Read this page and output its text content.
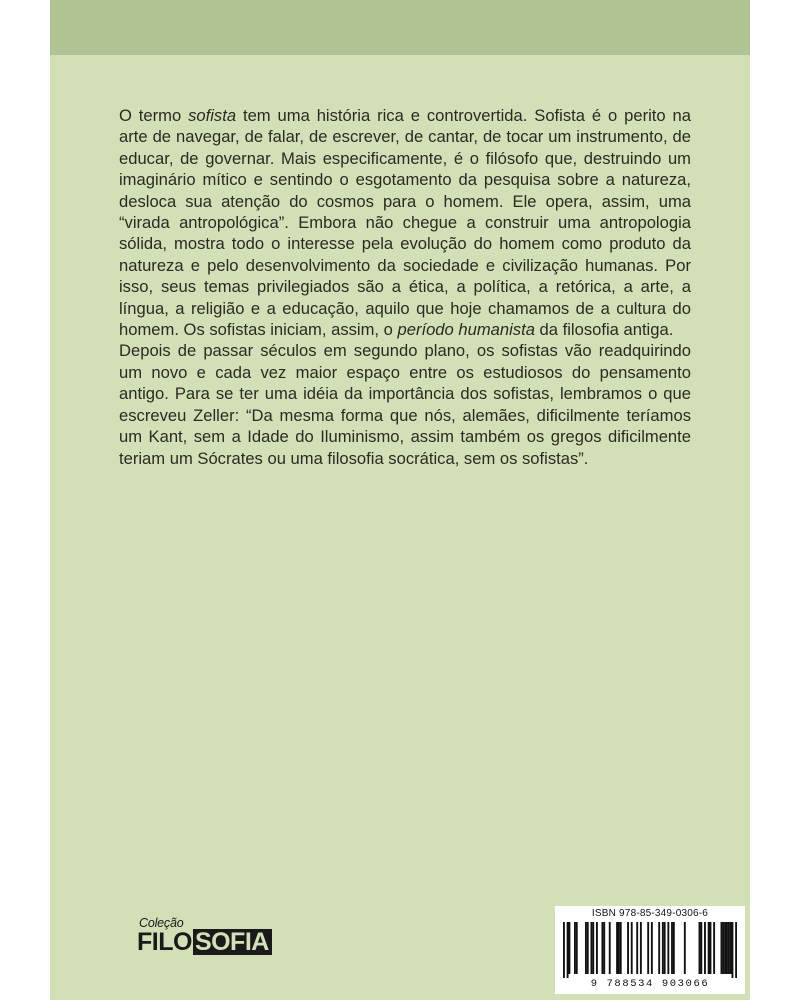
O termo sofista tem uma história rica e controvertida. Sofista é o perito na arte de navegar, de falar, de escrever, de cantar, de tocar um instrumento, de educar, de governar. Mais especificamente, é o filósofo que, destruindo um imaginário mítico e sentindo o esgotamento da pesquisa sobre a natureza, desloca sua atenção do cosmos para o homem. Ele opera, assim, uma “virada antropológica”. Embora não chegue a construir uma antropologia sólida, mostra todo o interesse pela evolução do homem como produto da natureza e pelo desenvolvimento da sociedade e civilização humanas. Por isso, seus temas privilegiados são a ética, a política, a retórica, a arte, a língua, a religião e a educação, aquilo que hoje chamamos de a cultura do homem. Os sofistas iniciam, assim, o período humanista da filosofia antiga.

Depois de passar séculos em segundo plano, os sofistas vão readquirindo um novo e cada vez maior espaço entre os estudiosos do pensamento antigo. Para se ter uma idéia da importância dos sofistas, lembramos o que escreveu Zeller: “Da mesma forma que nós, alemães, dificilmente teríamos um Kant, sem a Idade do Iluminismo, assim também os gregos dificilmente teriam um Sócrates ou uma filosofia socrática, sem os sofistas”.

Coleção
FILO SOFIA
ISBN 978-85-349-0306-6
9 788534 903066
